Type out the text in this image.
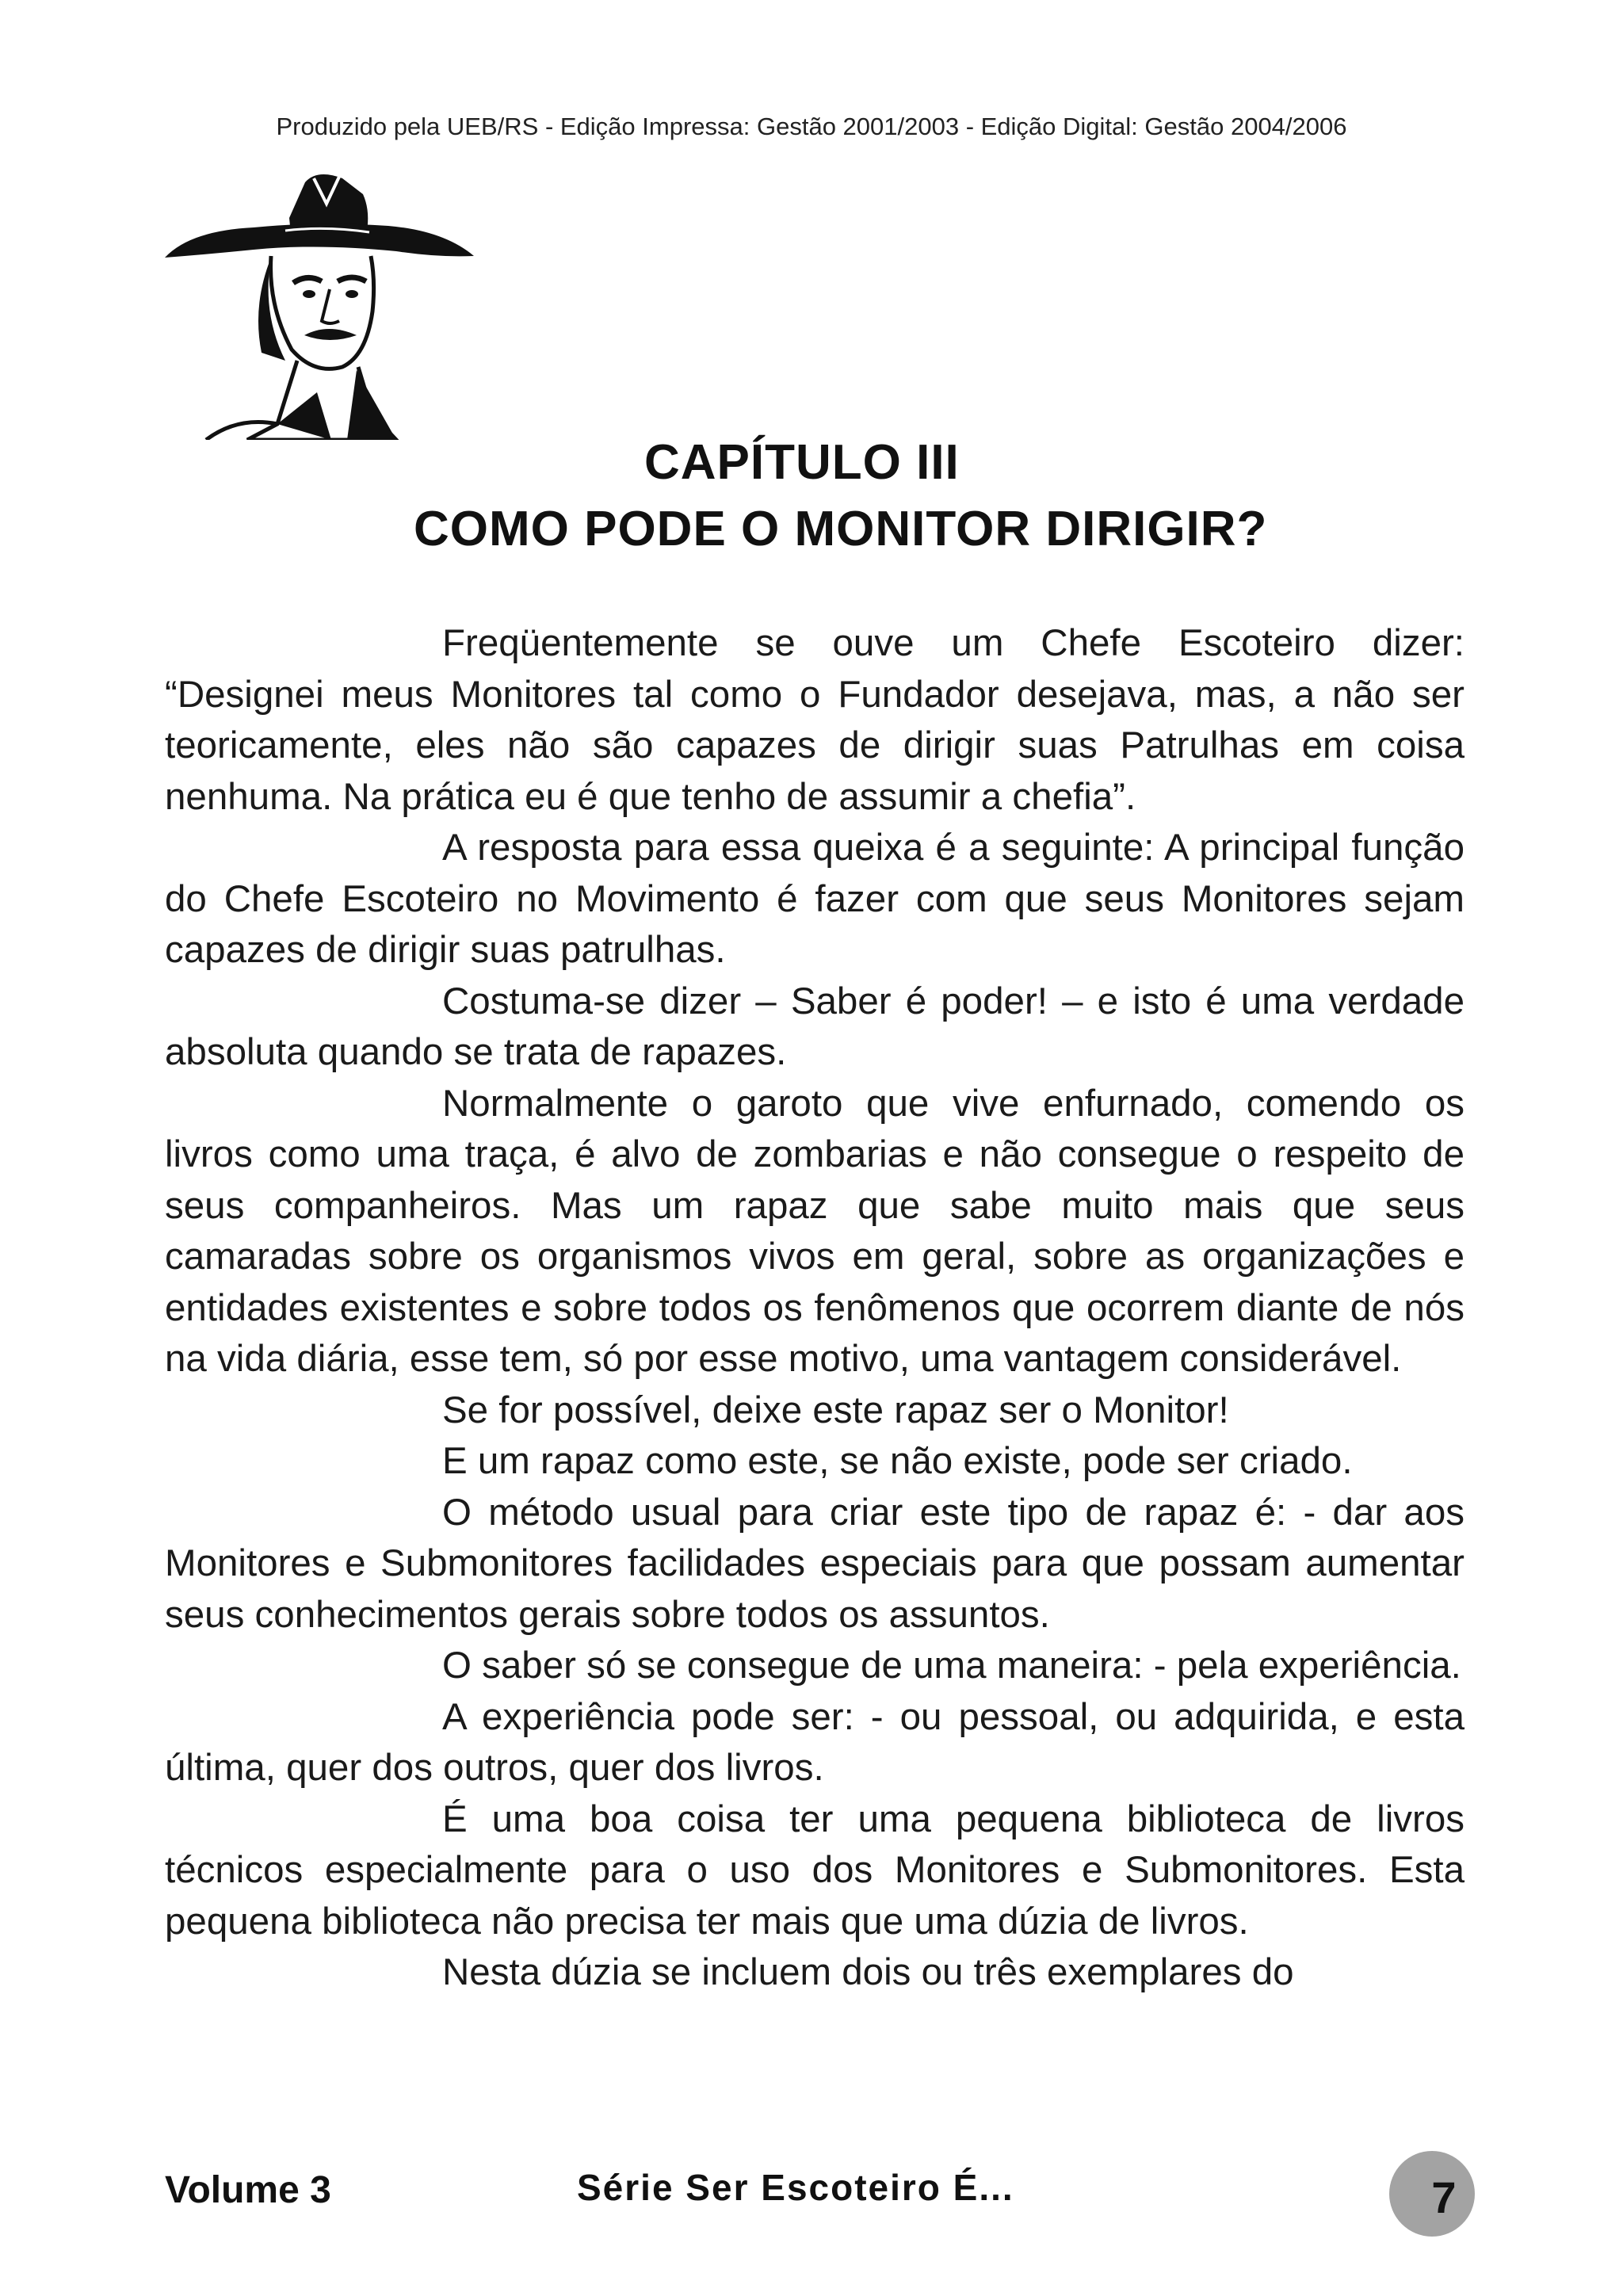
Produzido pela UEB/RS - Edição Impressa: Gestão 2001/2003 - Edição Digital: Gestão 2004/2006
CAPÍTULO III
COMO PODE O MONITOR DIRIGIR?

Freqüentemente se ouve um Chefe Escoteiro dizer: “Designei meus Monitores tal como o Fundador desejava, mas, a não ser teoricamente, eles não são capazes de dirigir suas Patrulhas em coisa nenhuma. Na prática eu é que tenho de assumir a chefia”.

A resposta para essa queixa é a seguinte: A principal função do Chefe Escoteiro no Movimento é fazer com que seus Monitores sejam capazes de dirigir suas patrulhas.

Costuma-se dizer – Saber é poder! – e isto é uma verdade absoluta quando se trata de rapazes.

Normalmente o garoto que vive enfurnado, comendo os livros como uma traça, é alvo de zombarias e não consegue o respeito de seus companheiros. Mas um rapaz que sabe muito mais que seus camaradas sobre os organismos vivos em geral, sobre as organizações e entidades existentes e sobre todos os fenômenos que ocorrem diante de nós na vida diária, esse tem, só por esse motivo, uma vantagem considerável.

Se for possível, deixe este rapaz ser o Monitor!

E um rapaz como este, se não existe, pode ser criado.

O método usual para criar este tipo de rapaz é: - dar aos Monitores e Submonitores facilidades especiais para que possam aumentar seus conhecimentos gerais sobre todos os assuntos.

O saber só se consegue de uma maneira: - pela experiência.

A experiência pode ser: - ou pessoal, ou adquirida, e esta última, quer dos outros, quer dos livros.

É uma boa coisa ter uma pequena biblioteca de livros técnicos especialmente para o uso dos Monitores e Submonitores. Esta pequena biblioteca não precisa ter mais que uma dúzia de livros.

Nesta dúzia se incluem dois ou três exemplares do

Volume 3	Série Ser Escoteiro É...	7
